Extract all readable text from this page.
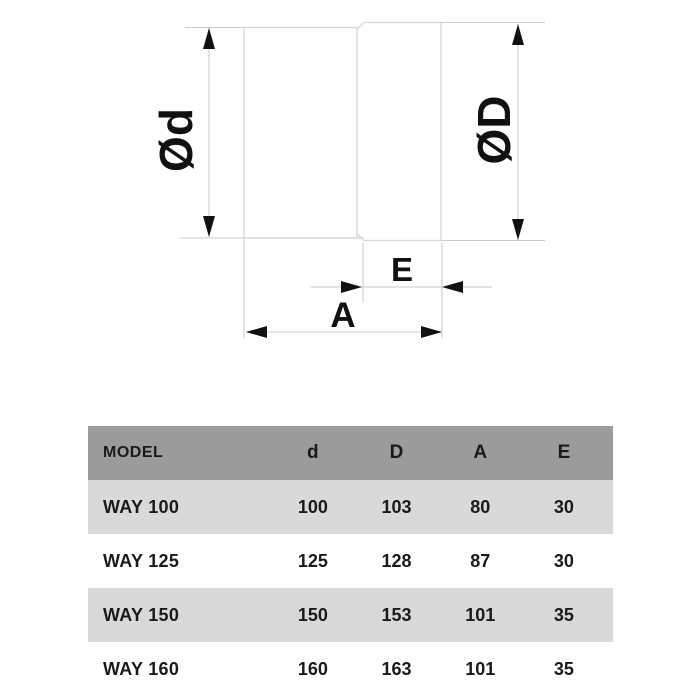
Ød	ØD
E
A
MODEL	d	D	A	E
WAY 100	100	103	80	30
WAY 125	125	128	87	30
WAY 150	150	153	101	35
WAY 160	160	163	101	35
